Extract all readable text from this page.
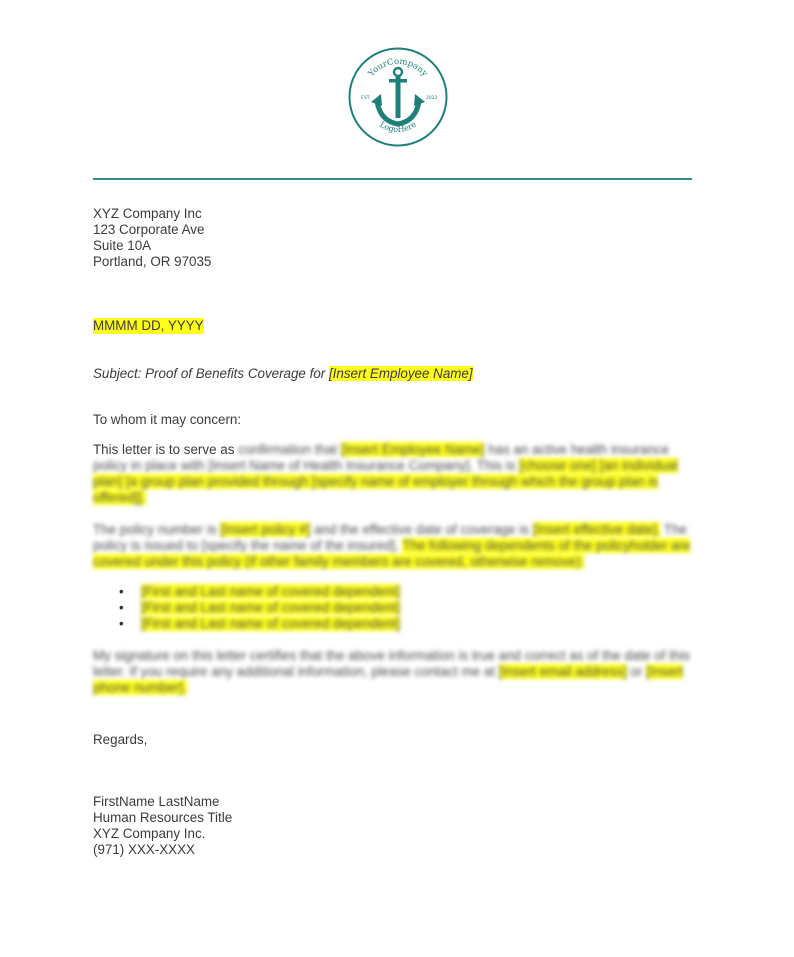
YourCompany
LogoHere
EST.	2022
XYZ Company Inc
123 Corporate Ave
Suite 10A
Portland, OR 97035
MMMM DD, YYYY
Subject: Proof of Benefits Coverage for [Insert Employee Name]
To whom it may concern:
This letter is to serve as confirmation that [Insert Employee Name] has an active health insurance policy in place with [Insert Name of Health Insurance Company]. This is [choose one] [an individual plan] [a group plan provided through [specify name of employer through which the group plan is offered]].
The policy number is [Insert policy #] and the effective date of coverage is [Insert effective date]. The policy is issued to [specify the name of the insured]. The following dependents of the policyholder are covered under this policy (if other family members are covered, otherwise remove):
• [First and Last name of covered dependent]
• [First and Last name of covered dependent]
• [First and Last name of covered dependent]
My signature on this letter certifies that the above information is true and correct as of the date of this letter. If you require any additional information, please contact me at [Insert email address] or [Insert phone number].
Regards,
FirstName LastName
Human Resources Title
XYZ Company Inc.
(971) XXX-XXXX
